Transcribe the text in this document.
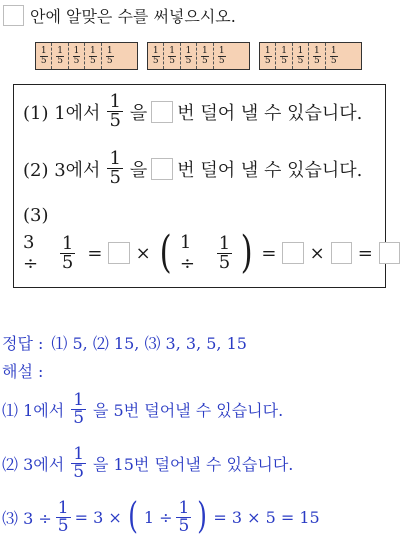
안에 알맞은 수를 써넣으시오.
1
5
1
5
1
5
1
5
1
5
1
5
1
5
1
5
1
5
1
5
1
5
1
5
1
5
1
5
1
5
(1) 1에서 $\frac{1}{5}$ 을 번 덜어 낼 수 있습니다.
(2) 3에서 $\frac{1}{5}$ 을 번 덜어 낼 수 있습니다.
(3)
3 ÷	$\frac{1}{5}$ = × ( 1 ÷	$\frac{1}{5}$ ) = × =
정답 : ⑴ 5, ⑵ 15, ⑶ 3, 3, 5, 15
해설 :
⑴ 1에서 $\frac{1}{5}$ 을 5번 덜어낼 수 있습니다.
⑵ 3에서 $\frac{1}{5}$ 을 15번 덜어낼 수 있습니다.
⑶ $3 \div \frac{1}{5} = 3$ × ( $1 \div \frac{1}{5}$ ) = 3 × 5 = 15
